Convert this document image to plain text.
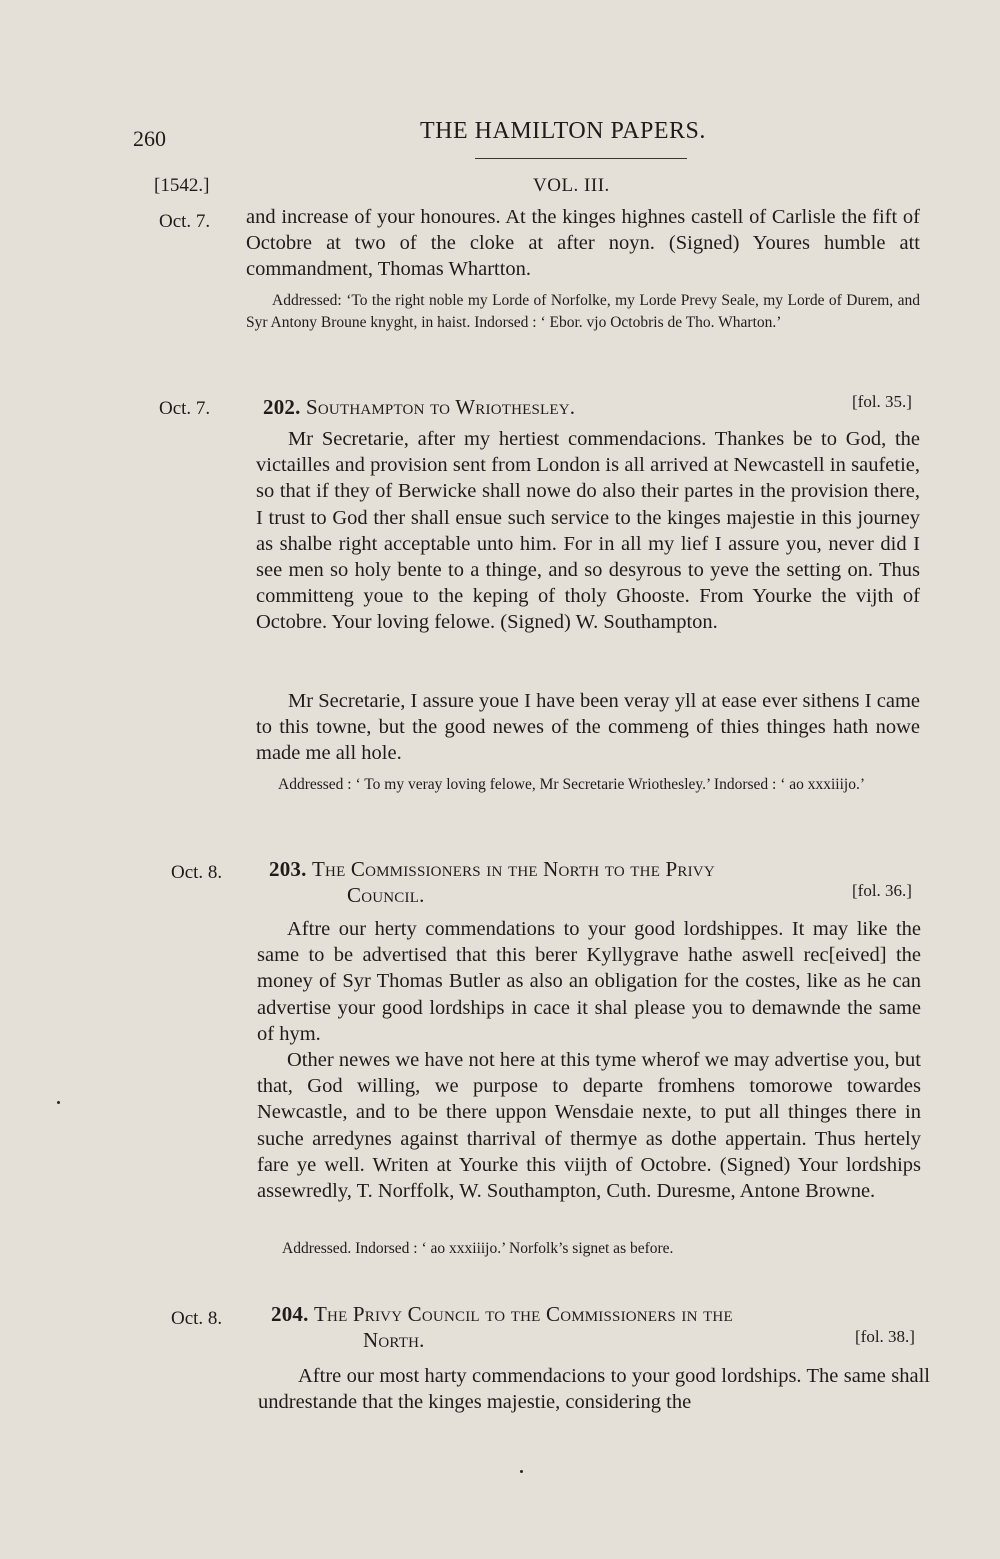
260	THE HAMILTON PAPERS.
[1542.]	VOL. III.
Oct. 7. and increase of your honoures. At the kinges highnes castell of Carlisle the fift of Octobre at two of the cloke at after noyn. (Signed) Youres humble att commandment, Thomas Whartton.

Addressed: ‘To the right noble my Lorde of Norfolke, my Lorde Prevy Seale, my Lorde of Durem, and Syr Antony Broune knyght, in haist. Indorsed : ‘ Ebor. vjo Octobris de Tho. Wharton.’

Oct. 7.	202. Southampton to Wriothesley.	[fol. 35.]

Mr Secretarie, after my hertiest commendacions. Thankes be to God, the victailles and provision sent from London is all arrived at Newcastell in saufetie, so that if they of Berwicke shall nowe do also their partes in the provision there, I trust to God ther shall ensue such service to the kinges majestie in this journey as shalbe right acceptable unto him. For in all my lief I assure you, never did I see men so holy bente to a thinge, and so desyrous to yeve the setting on. Thus committeng youe to the keping of tholy Ghooste. From Yourke the vijth of Octobre. Your loving felowe. (Signed) W. Southampton.

Mr Secretarie, I assure youe I have been veray yll at ease ever sithens I came to this towne, but the good newes of the commeng of thies thinges hath nowe made me all hole.

Addressed : ‘ To my veray loving felowe, Mr Secretarie Wriothesley.’ Indorsed : ‘ ao xxxiiijo.’

Oct. 8. 203. The Commissioners in the North to the Privy
Council.	[fol. 36.]

Aftre our herty commendations to your good lordshippes. It may like the same to be advertised that this berer Kyllygrave hathe aswell rec[eived] the money of Syr Thomas Butler as also an obligation for the costes, like as he can advertise your good lordships in cace it shal please you to demawnde the same of hym.

Other newes we have not here at this tyme wherof we may advertise you, but that, God willing, we purpose to departe fromhens tomorowe towardes Newcastle, and to be there uppon Wensdaie nexte, to put all thinges there in suche arredynes against tharrival of thermye as dothe appertain. Thus hertely fare ye well. Writen at Yourke this viijth of Octobre. (Signed) Your lordships assewredly, T. Norffolk, W. Southampton, Cuth. Duresme, Antone Browne.

Addressed. Indorsed : ‘ ao xxxiiijo.’ Norfolk’s signet as before.

Oct. 8. 204. The Privy Council to the Commissioners in the
North.	[fol. 38.]

Aftre our most harty commendacions to your good lordships. The same shall undrestande that the kinges majestie, considering the
